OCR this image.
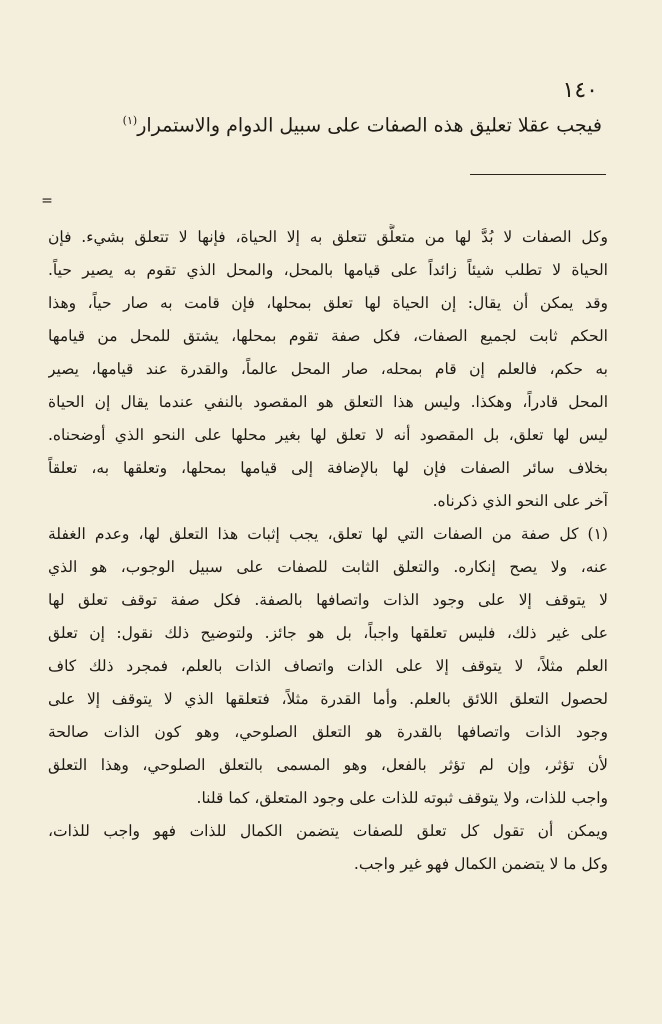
١٤٠
فيجب عقلا تعليق هذه الصفات على سبيل الدوام والاستمرار$^{(١)}$
=
وكل الصفات لا بُدَّ لها من متعلَّق تتعلق به إلا الحياة، فإنها لا تتعلق بشيء. فإن
الحياة لا تطلب شيئاً زائداً على قيامها بالمحل، والمحل الذي تقوم به يصير حياً.
وقد يمكن أن يقال: إن الحياة لها تعلق بمحلها، فإن قامت به صار حياً، وهذا
الحكم ثابت لجميع الصفات، فكل صفة تقوم بمحلها، يشتق للمحل من قيامها
به حكم، فالعلم إن قام بمحله، صار المحل عالماً، والقدرة عند قيامها، يصير
المحل قادراً، وهكذا. وليس هذا التعلق هو المقصود بالنفي عندما يقال إن الحياة
ليس لها تعلق، بل المقصود أنه لا تعلق لها بغير محلها على النحو الذي أوضحناه.
بخلاف سائر الصفات فإن لها بالإضافة إلى قيامها بمحلها، وتعلقها به، تعلقاً
آخر على النحو الذي ذكرناه.
(١) كل صفة من الصفات التي لها تعلق، يجب إثبات هذا التعلق لها، وعدم الغفلة
عنه، ولا يصح إنكاره. والتعلق الثابت للصفات على سبيل الوجوب، هو الذي
لا يتوقف إلا على وجود الذات واتصافها بالصفة. فكل صفة توقف تعلق لها
على غير ذلك، فليس تعلقها واجباً، بل هو جائز. ولتوضيح ذلك نقول: إن تعلق
العلم مثلاً، لا يتوقف إلا على الذات واتصاف الذات بالعلم، فمجرد ذلك كاف
لحصول التعلق اللائق بالعلم. وأما القدرة مثلاً، فتعلقها الذي لا يتوقف إلا على
وجود الذات واتصافها بالقدرة هو التعلق الصلوحي، وهو كون الذات صالحة
لأن تؤثر، وإن لم تؤثر بالفعل، وهو المسمى بالتعلق الصلوحي، وهذا التعلق
واجب للذات، ولا يتوقف ثبوته للذات على وجود المتعلق، كما قلنا.
ويمكن أن تقول كل تعلق للصفات يتضمن الكمال للذات فهو واجب للذات،
وكل ما لا يتضمن الكمال فهو غير واجب.
